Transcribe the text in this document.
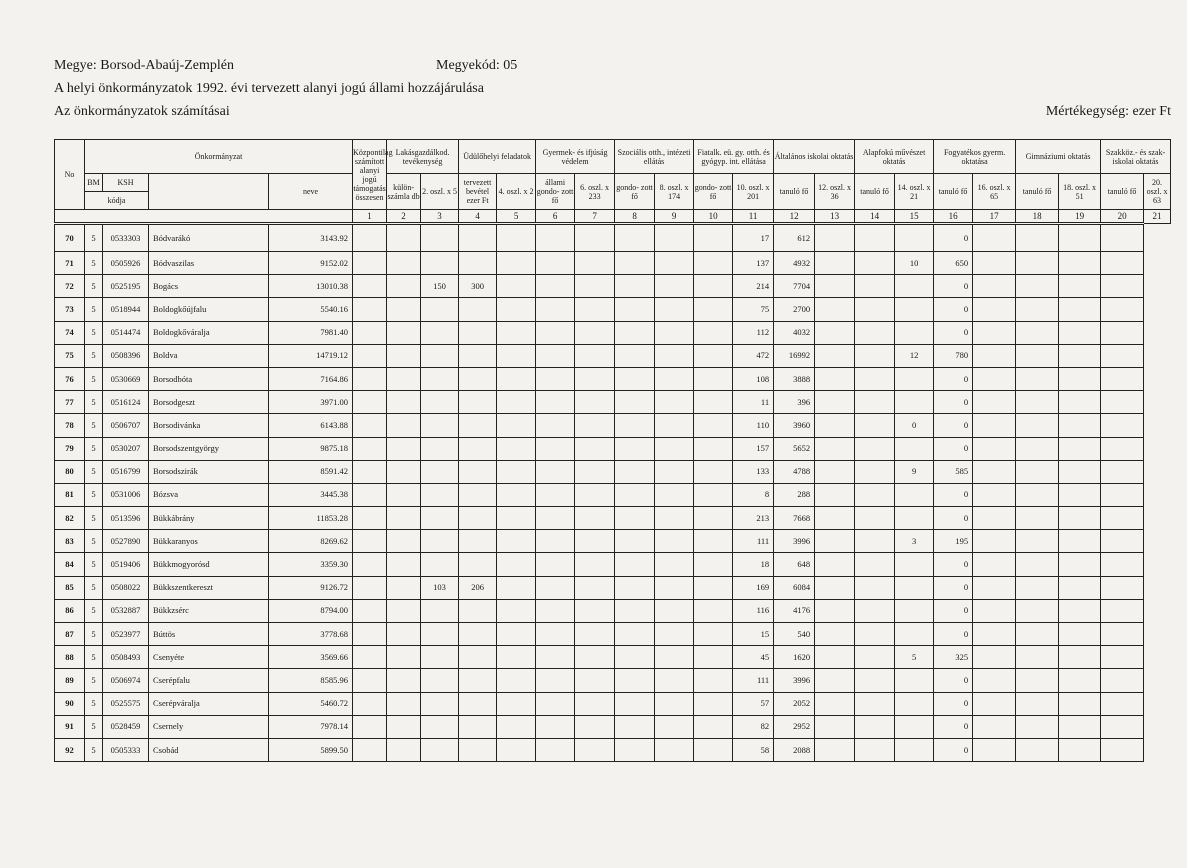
Megye: Borsod-Abaúj-Zemplén	Megyekód: 05
A helyi önkormányzatok 1992. évi tervezett alanyi jogú állami hozzájárulása
Az önkormányzatok számításai	Mértékegység: ezer Ft
No	Önkormányzat				Központilag számított alanyi jogú támogatás összesen	Lakásgazdálkod. tevékenység		Üdülőhelyi feladatok		Gyermek- és ifjúság védelem		Szociális otth., intézeti ellátás		Fiatalk. eü. gy. otth. és gyógyp. int. ellátása		Általános iskolai oktatás		Alapfokú művészet oktatás		Fogyatékos gyerm. oktatása		Gimnáziumi oktatás		Szakköz.- és szak- iskolai oktatás	
	BM	KSH		neve		külön- számla db	2. oszl. x 5	tervezett bevétel ezer Ft	4. oszl. x 2	állami gondo- zott fő	6. oszl. x 233	gondo- zott fő	8. oszl. x 174	gondo- zott fő	10. oszl. x 201	tanuló fő	12. oszl. x 36	tanuló fő	14. oszl. x 21	tanuló fő	16. oszl. x 65	tanuló fő	18. oszl. x 51	tanuló fő	20. oszl. x 63
	kódja																								
					1	2	3	4	5	6	7	8	9	10	11	12	13	14	15	16	17	18	19	20	21
70	5	0533303	Bódvarákó	3143.92											17	612				0					
71	5	0505926	Bódvaszilas	9152.02											137	4932			10	650					
72	5	0525195	Bogács	13010.38			150	300							214	7704				0					
73	5	0518944	Boldogkőújfalu	5540.16											75	2700				0					
74	5	0514474	Boldogkőváralja	7981.40											112	4032				0					
75	5	0508396	Boldva	14719.12											472	16992			12	780					
76	5	0530669	Borsodbóta	7164.86											108	3888				0					
77	5	0516124	Borsodgeszt	3971.00											11	396				0					
78	5	0506707	Borsodivánka	6143.88											110	3960			0	0					
79	5	0530207	Borsodszentgyörgy	9875.18											157	5652				0					
80	5	0516799	Borsodszirák	8591.42											133	4788			9	585					
81	5	0531006	Bózsva	3445.38											8	288				0					
82	5	0513596	Bükkábrány	11853.28											213	7668				0					
83	5	0527890	Bükkaranyos	8269.62											111	3996			3	195					
84	5	0519406	Bükkmogyorósd	3359.30											18	648				0					
85	5	0508022	Bükkszentkereszt	9126.72			103	206							169	6084				0					
86	5	0532887	Bükkzsérc	8794.00											116	4176				0					
87	5	0523977	Búttös	3778.68											15	540				0					
88	5	0508493	Csenyéte	3569.66											45	1620			5	325					
89	5	0506974	Cserépfalu	8585.96											111	3996				0					
90	5	0525575	Cserépváralja	5460.72											57	2052				0					
91	5	0528459	Csernely	7978.14											82	2952				0					
92	5	0505333	Csobád	5899.50											58	2088				0					
